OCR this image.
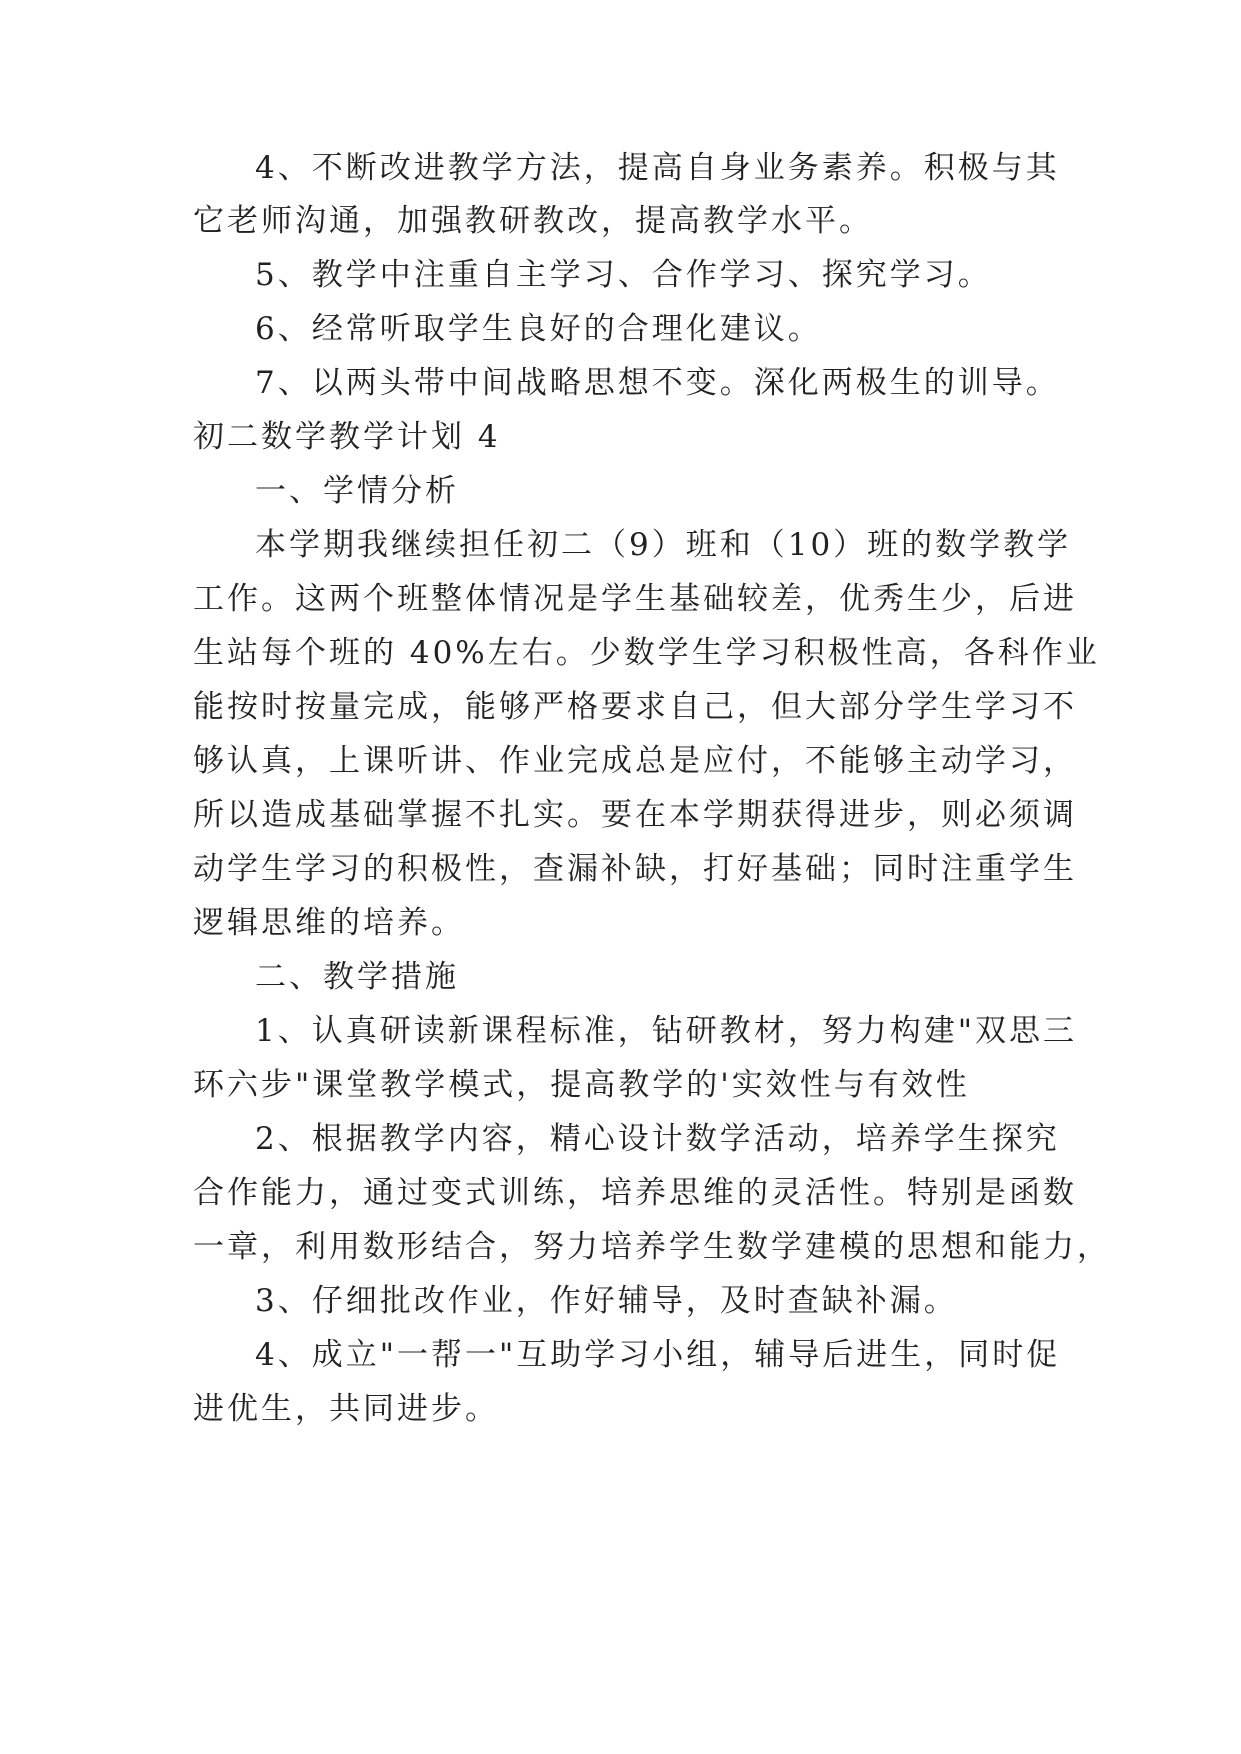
4、不断改进教学方法，提高自身业务素养。积极与其
它老师沟通，加强教研教改，提高教学水平。
5、教学中注重自主学习、合作学习、探究学习。
6、经常听取学生良好的合理化建议。
7、以两头带中间战略思想不变。深化两极生的训导。
初二数学教学计划 4
一、学情分析
本学期我继续担任初二（9）班和（10）班的数学教学
工作。这两个班整体情况是学生基础较差，优秀生少，后进
生站每个班的 40%左右。少数学生学习积极性高，各科作业
能按时按量完成，能够严格要求自己，但大部分学生学习不
够认真，上课听讲、作业完成总是应付，不能够主动学习，
所以造成基础掌握不扎实。要在本学期获得进步，则必须调
动学生学习的积极性，查漏补缺，打好基础；同时注重学生
逻辑思维的培养。
二、教学措施
1、认真研读新课程标准，钻研教材，努力构建"双思三
环六步"课堂教学模式，提高教学的'实效性与有效性
2、根据教学内容，精心设计数学活动，培养学生探究
合作能力，通过变式训练，培养思维的灵活性。特别是函数
一章，利用数形结合，努力培养学生数学建模的思想和能力，
3、仔细批改作业，作好辅导，及时查缺补漏。
4、成立"一帮一"互助学习小组，辅导后进生，同时促
进优生，共同进步。
